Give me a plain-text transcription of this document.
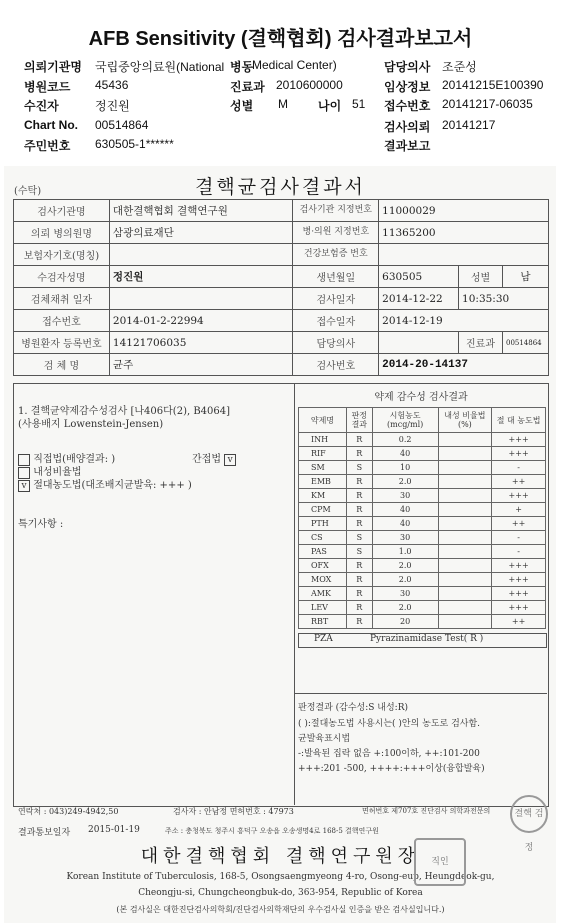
AFB Sensitivity (결핵협회) 검사결과보고서
의뢰기관명 국립중앙의료원(National 병동
Medical Center)	담당의사 조준성
병원코드 45436	진료과 2010600000	임상정보 20141215E100390
수진자	정진원	성별 M	나이 51 접수번호 20141217-06035
Chart No. 00514864	검사의뢰 20141217
주민번호 630505-1******	결과보고
(수탁)	결핵균검사결과서
검사기관명	대한결핵협회 결핵연구원	검사기관 지정번호	11000029		
의뢰 병의원명	삼광의료재단	병·의원 지정번호	11365200		
보험자기호(명칭)		건강보험증 번호			
수검자성명	정진원	생년월일	630505	성별	남
검체채취 일자		검사일자	2014-12-22	10:35:30	
접수번호	2014-01-2-22994	접수일자	2014-12-19		
병원환자 등록번호	14121706035	담당의사		진료과	00514864
검 체 명	균주	검사번호	2014-20-14137		
1. 결핵균약제감수성검사 [나406다(2), B4064]
(사용배지 Lowenstein-Jensen)
직접법(배양결과: )	간접법 v
내성비율법
v 절대농도법(대조배지균발육: +++ )
특기사항 :
약제 감수성 검사결과
약제명	판정 결과	시험농도 (mcg/ml)	내성 비율법(%)	절 대 농도법
INH	R	0.2		+++
RIF	R	40		+++
SM	S	10		-
EMB	R	2.0		++
KM	R	30		+++
CPM	R	40		+
PTH	R	40		++
CS	S	30		-
PAS	S	1.0		-
OFX	R	2.0		+++
MOX	R	2.0		+++
AMK	R	30		+++
LEV	R	2.0		+++
RBT	R	20		++
PZA	Pyrazinamidase Test( R )
판정결과 (감수성:S 내성:R)
( ):절대농도법 사용시는( )안의 농도로 검사함.
균발육표시법
-:발육된 집락 없음 +:100이하, ++:101-200
+++:201 -500, ++++:+++이상(융합발육)
연락처 : 043)249-4942,50	검사자 : 안남정 면허번호 : 47973	면허번호 제707호 진단검사 의학과전문의
결과통보일자 2015-01-19	주소 : 충청북도 청주시 흥덕구 오송읍 오송생명4로 168-5 결핵연구원
대한결핵협회 결핵연구원장
Korean Institute of Tuberculosis, 168-5, Osongsaengmyeong 4-ro, Osong-eup, Heungdeok-gu,
Cheongju-si, Chungcheongbuk-do, 363-954, Republic of Korea
(본 검사실은 대한진단검사의학회/진단검사의학재단의 우수검사실 인증을 받은 검사실입니다.)
결핵 검정
직인
